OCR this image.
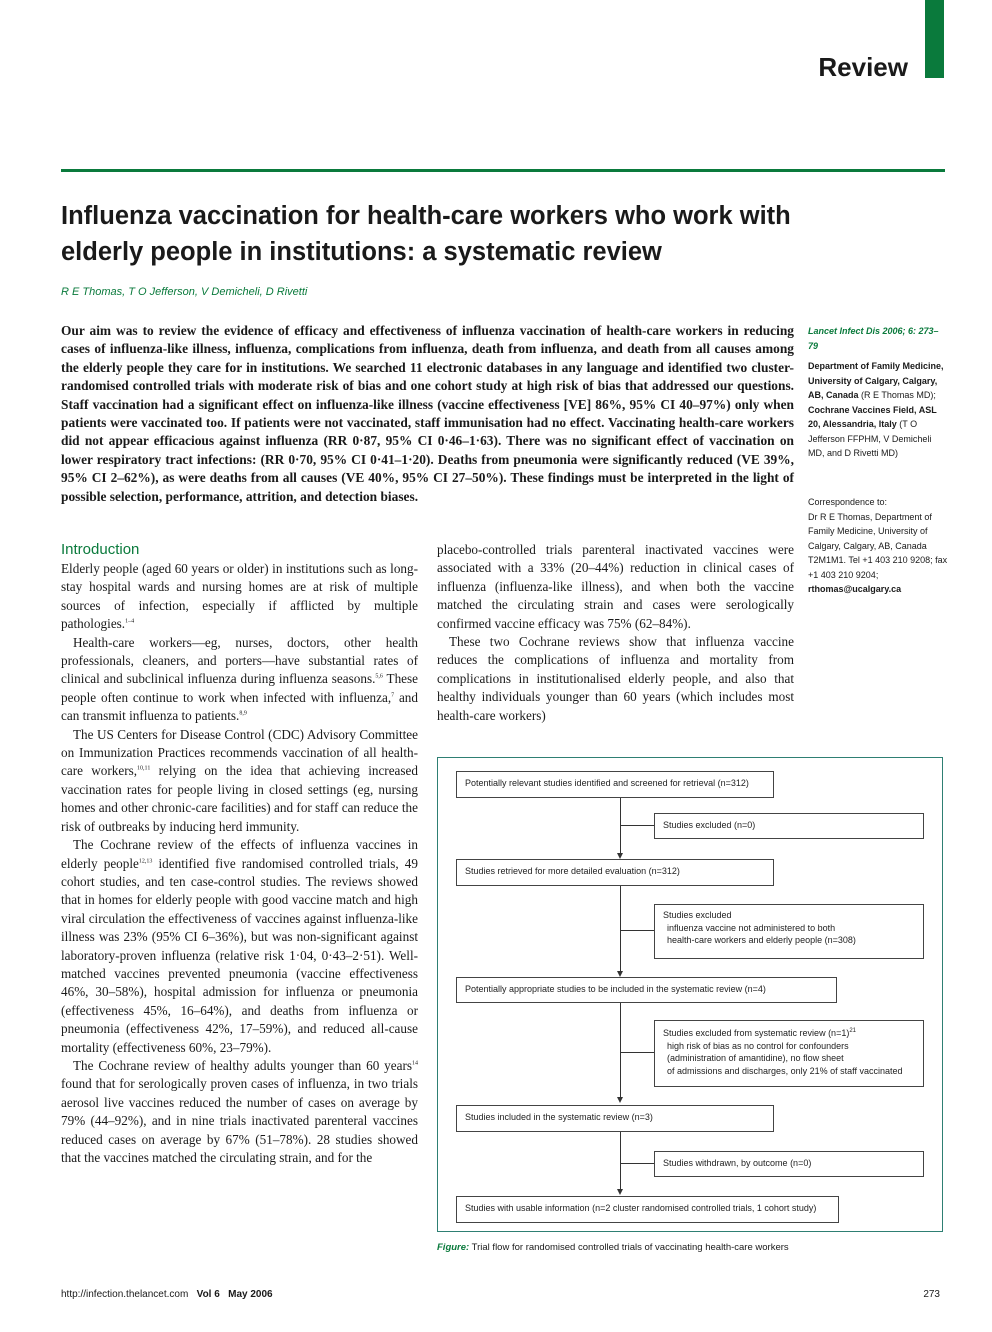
Review
Influenza vaccination for health-care workers who work with elderly people in institutions: a systematic review
R E Thomas, T O Jefferson, V Demicheli, D Rivetti
Our aim was to review the evidence of efficacy and effectiveness of influenza vaccination of health-care workers in reducing cases of influenza-like illness, influenza, complications from influenza, death from influenza, and death from all causes among the elderly people they care for in institutions. We searched 11 electronic databases in any language and identified two cluster-randomised controlled trials with moderate risk of bias and one cohort study at high risk of bias that addressed our questions. Staff vaccination had a significant effect on influenza-like illness (vaccine effectiveness [VE] 86%, 95% CI 40–97%) only when patients were vaccinated too. If patients were not vaccinated, staff immunisation had no effect. Vaccinating health-care workers did not appear efficacious against influenza (RR 0·87, 95% CI 0·46–1·63). There was no significant effect of vaccination on lower respiratory tract infections: (RR 0·70, 95% CI 0·41–1·20). Deaths from pneumonia were significantly reduced (VE 39%, 95% CI 2–62%), as were deaths from all causes (VE 40%, 95% CI 27–50%). These findings must be interpreted in the light of possible selection, performance, attrition, and detection biases.
Lancet Infect Dis 2006; 6: 273–79
Department of Family Medicine, University of Calgary, Calgary, AB, Canada (R E Thomas MD); Cochrane Vaccines Field, ASL 20, Alessandria, Italy (T O Jefferson FFPHM, V Demicheli MD, and D Rivetti MD)
Correspondence to:
Dr R E Thomas, Department of Family Medicine, University of Calgary, Calgary, AB, Canada T2M1M1. Tel +1 403 210 9208; fax +1 403 210 9204; rthomas@ucalgary.ca
Introduction

Elderly people (aged 60 years or older) in institutions such as long-stay hospital wards and nursing homes are at risk of multiple sources of infection, especially if afflicted by multiple pathologies.$^{1-4}$

Health-care workers—eg, nurses, doctors, other health professionals, cleaners, and porters—have substantial rates of clinical and subclinical influenza during influenza seasons.$^{5,6}$ These people often continue to work when infected with influenza,$^7$ and can transmit influenza to patients.$^{8,9}$

The US Centers for Disease Control (CDC) Advisory Committee on Immunization Practices recommends vaccination of all health-care workers,$^{10,11}$ relying on the idea that achieving increased vaccination rates for people living in closed settings (eg, nursing homes and other chronic-care facilities) and for staff can reduce the risk of outbreaks by inducing herd immunity.

The Cochrane review of the effects of influenza vaccines in elderly people$^{12,13}$ identified five randomised controlled trials, 49 cohort studies, and ten case-control studies. The reviews showed that in homes for elderly people with good vaccine match and high viral circulation the effectiveness of vaccines against influenza-like illness was 23% (95% CI 6–36%), but was non-significant against laboratory-proven influenza (relative risk 1·04, 0·43–2·51). Well-matched vaccines prevented pneumonia (vaccine effectiveness 46%, 30–58%), hospital admission for influenza or pneumonia (effectiveness 45%, 16–64%), and deaths from influenza or pneumonia (effectiveness 42%, 17–59%), and reduced all-cause mortality (effectiveness 60%, 23–79%).

The Cochrane review of healthy adults younger than 60 years$^{14}$ found that for serologically proven cases of influenza, in two trials aerosol live vaccines reduced the number of cases on average by 79% (44–92%), and in nine trials inactivated parenteral vaccines reduced cases on average by 67% (51–78%). 28 studies showed that the vaccines matched the circulating strain, and for the

placebo-controlled trials parenteral inactivated vaccines were associated with a 33% (20–44%) reduction in clinical cases of influenza (influenza-like illness), and when both the vaccine matched the circulating strain and cases were serologically confirmed vaccine efficacy was 75% (62–84%).

These two Cochrane reviews show that influenza vaccine reduces the complications of influenza and mortality from complications in institutionalised elderly people, and also that healthy individuals younger than 60 years (which includes most health-care workers)

Potentially relevant studies identified and screened for retrieval (n=312)
Studies excluded (n=0)
Studies retrieved for more detailed evaluation (n=312)
Studies excluded
influenza vaccine not administered to both
health-care workers and elderly people (n=308)
Potentially appropriate studies to be included in the systematic review (n=4)
Studies excluded from systematic review (n=1)$^{21}$
high risk of bias as no control for confounders
(administration of amantidine), no flow sheet
of admissions and discharges, only 21% of staff vaccinated
Studies included in the systematic review (n=3)
Studies withdrawn, by outcome (n=0)
Studies with usable information (n=2 cluster randomised controlled trials, 1 cohort study)
Figure: Trial flow for randomised controlled trials of vaccinating health-care workers
http://infection.thelancet.com Vol 6 May 2006	273
